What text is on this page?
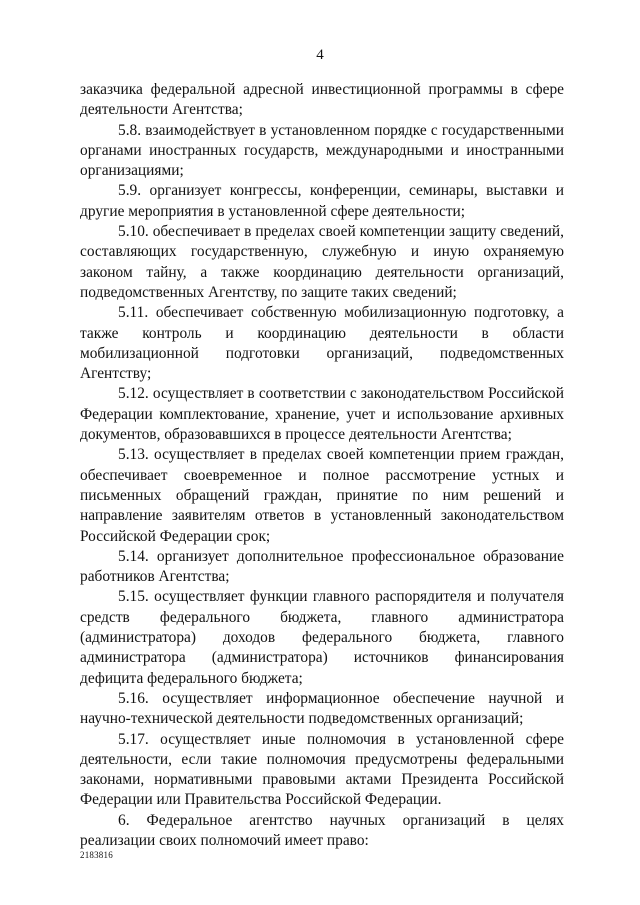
4

заказчика федеральной адресной инвестиционной программы в сфере деятельности Агентства;

5.8. взаимодействует в установленном порядке с государственными органами иностранных государств, международными и иностранными организациями;

5.9. организует конгрессы, конференции, семинары, выставки и другие мероприятия в установленной сфере деятельности;

5.10. обеспечивает в пределах своей компетенции защиту сведений, составляющих государственную, служебную и иную охраняемую законом тайну, а также координацию деятельности организаций, подведомственных Агентству, по защите таких сведений;

5.11. обеспечивает собственную мобилизационную подготовку, а также контроль и координацию деятельности в области мобилизационной подготовки организаций, подведомственных Агентству;

5.12. осуществляет в соответствии с законодательством Российской Федерации комплектование, хранение, учет и использование архивных документов, образовавшихся в процессе деятельности Агентства;

5.13. осуществляет в пределах своей компетенции прием граждан, обеспечивает своевременное и полное рассмотрение устных и письменных обращений граждан, принятие по ним решений и направление заявителям ответов в установленный законодательством Российской Федерации срок;

5.14. организует дополнительное профессиональное образование работников Агентства;

5.15. осуществляет функции главного распорядителя и получателя средств федерального бюджета, главного администратора (администратора) доходов федерального бюджета, главного администратора (администратора) источников финансирования дефицита федерального бюджета;

5.16. осуществляет информационное обеспечение научной и научно-технической деятельности подведомственных организаций;

5.17. осуществляет иные полномочия в установленной сфере деятельности, если такие полномочия предусмотрены федеральными законами, нормативными правовыми актами Президента Российской Федерации или Правительства Российской Федерации.

6. Федеральное агентство научных организаций в целях реализации своих полномочий имеет право:

2183816
